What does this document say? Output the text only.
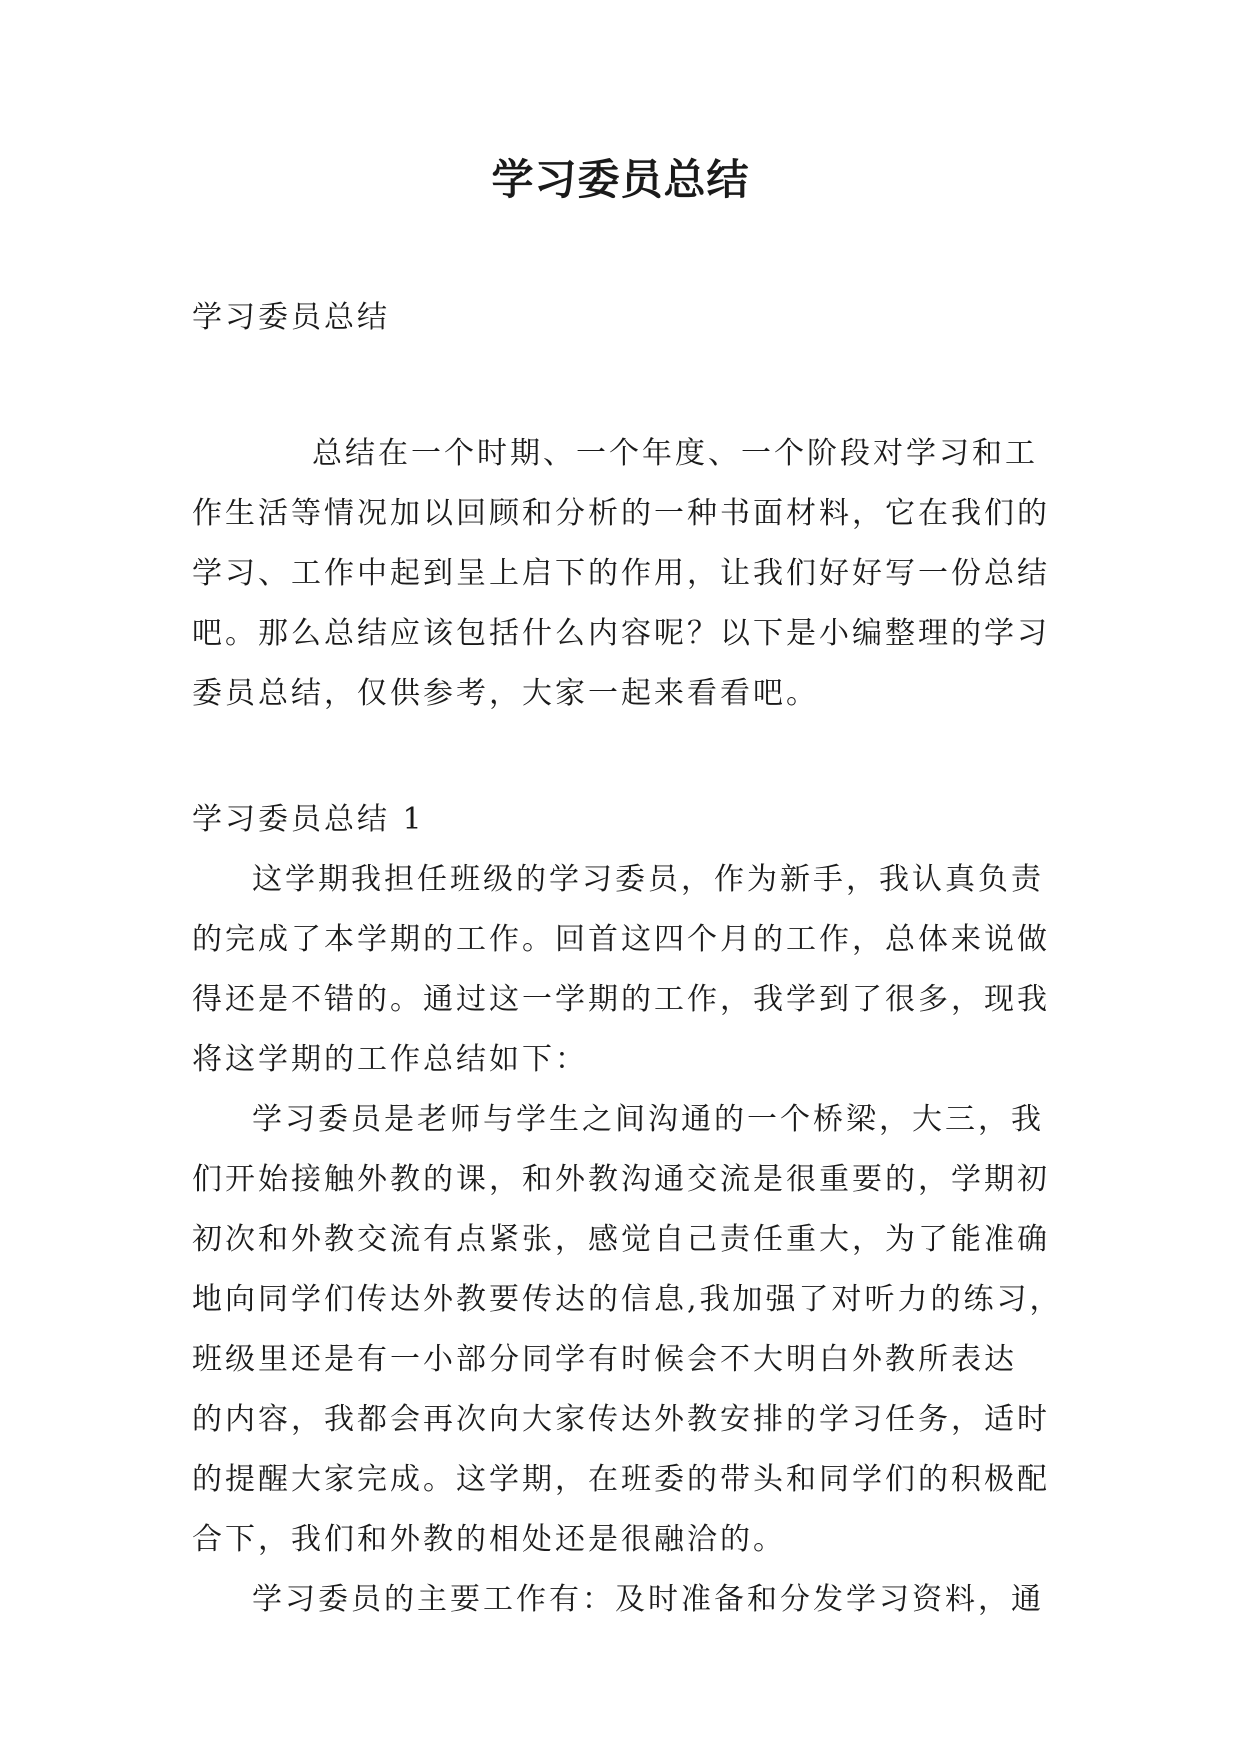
学习委员总结
学习委员总结
总结在一个时期、一个年度、一个阶段对学习和工
作生活等情况加以回顾和分析的一种书面材料，它在我们的
学习、工作中起到呈上启下的作用，让我们好好写一份总结
吧。那么总结应该包括什么内容呢？以下是小编整理的学习
委员总结，仅供参考，大家一起来看看吧。
学习委员总结 1
这学期我担任班级的学习委员，作为新手，我认真负责
的完成了本学期的工作。回首这四个月的工作，总体来说做
得还是不错的。通过这一学期的工作，我学到了很多，现我
将这学期的工作总结如下：
学习委员是老师与学生之间沟通的一个桥梁，大三，我
们开始接触外教的课，和外教沟通交流是很重要的，学期初
初次和外教交流有点紧张，感觉自己责任重大，为了能准确
地向同学们传达外教要传达的信息,我加强了对听力的练习，
班级里还是有一小部分同学有时候会不大明白外教所表达
的内容，我都会再次向大家传达外教安排的学习任务，适时
的提醒大家完成。这学期，在班委的带头和同学们的积极配
合下，我们和外教的相处还是很融洽的。
学习委员的主要工作有：及时准备和分发学习资料，通
